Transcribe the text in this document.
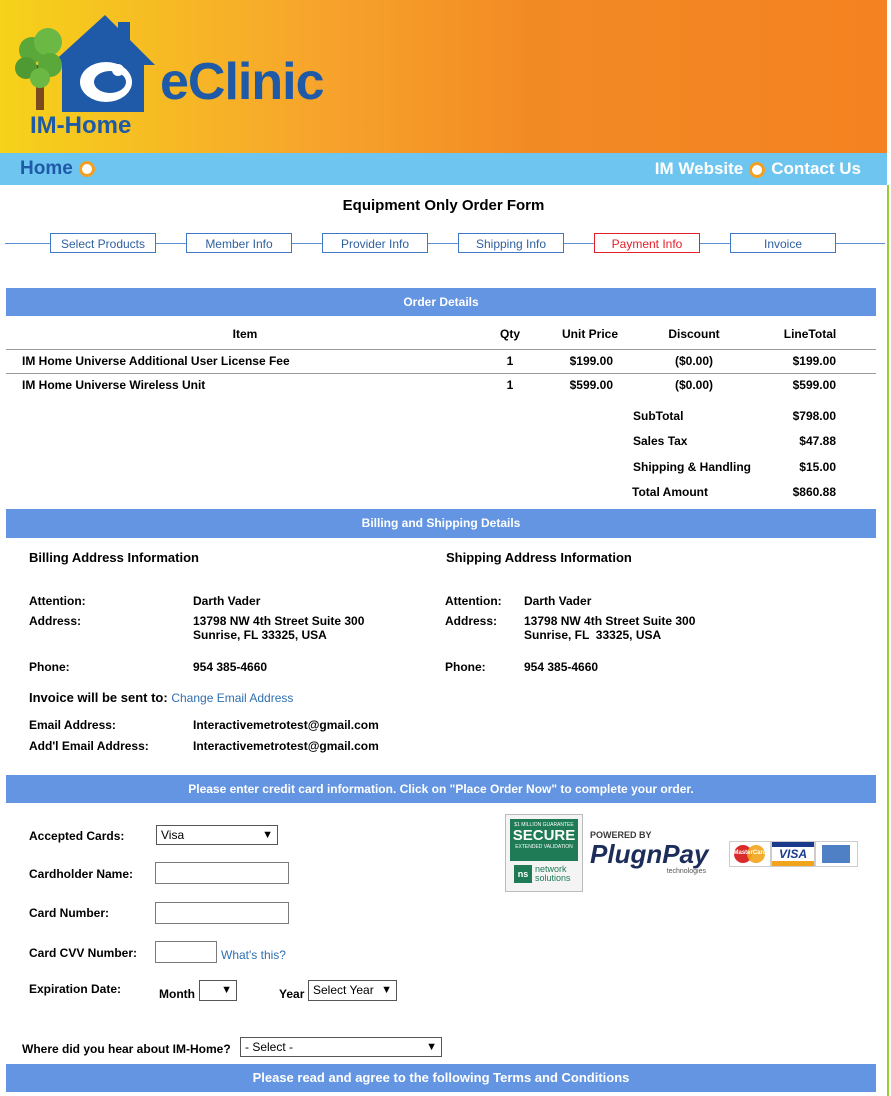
eClinic
IM-Home
Home	IM Website Contact Us
Equipment Only Order Form
Select Products	Member Info	Provider Info	Shipping Info	Payment Info	Invoice
Order Details
Item	Qty	Unit Price	Discount	LineTotal
IM Home Universe Additional User License Fee	1	$199.00	($0.00)	$199.00
IM Home Universe Wireless Unit	1	$599.00	($0.00)	$599.00
SubTotal	$798.00
Sales Tax	$47.88
Shipping & Handling	$15.00
Total Amount	$860.88
Billing and Shipping Details
Billing Address Information	Shipping Address Information
Attention:	Darth Vader
Address:	13798 NW 4th Street Suite 300
Sunrise, FL 33325, USA
Phone:	954 385-4660
Attention: Darth Vader
Address: 13798 NW 4th Street Suite 300
Sunrise, FL  33325, USA
Phone:	954 385-4660
Invoice will be sent to: Change Email Address
Email Address:	Interactivemetrotest@gmail.com
Add'l Email Address:	Interactivemetrotest@gmail.com
Please enter credit card information. Click on "Place Order Now" to complete your order.
Accepted Cards:	Visa	▼
Cardholder Name:
Card Number:
Card CVV Number:	What's this?
Expiration Date:	Month ▼	Year Select Year ▼
$1 MILLION GUARANTEE
SECURE
EXTENDED VALIDATION
ns network
solutions
POWERED BY
PlugnPay
technologies
MasterCard	VISA
Where did you hear about IM-Home?	- Select -	▼
Please read and agree to the following Terms and Conditions
